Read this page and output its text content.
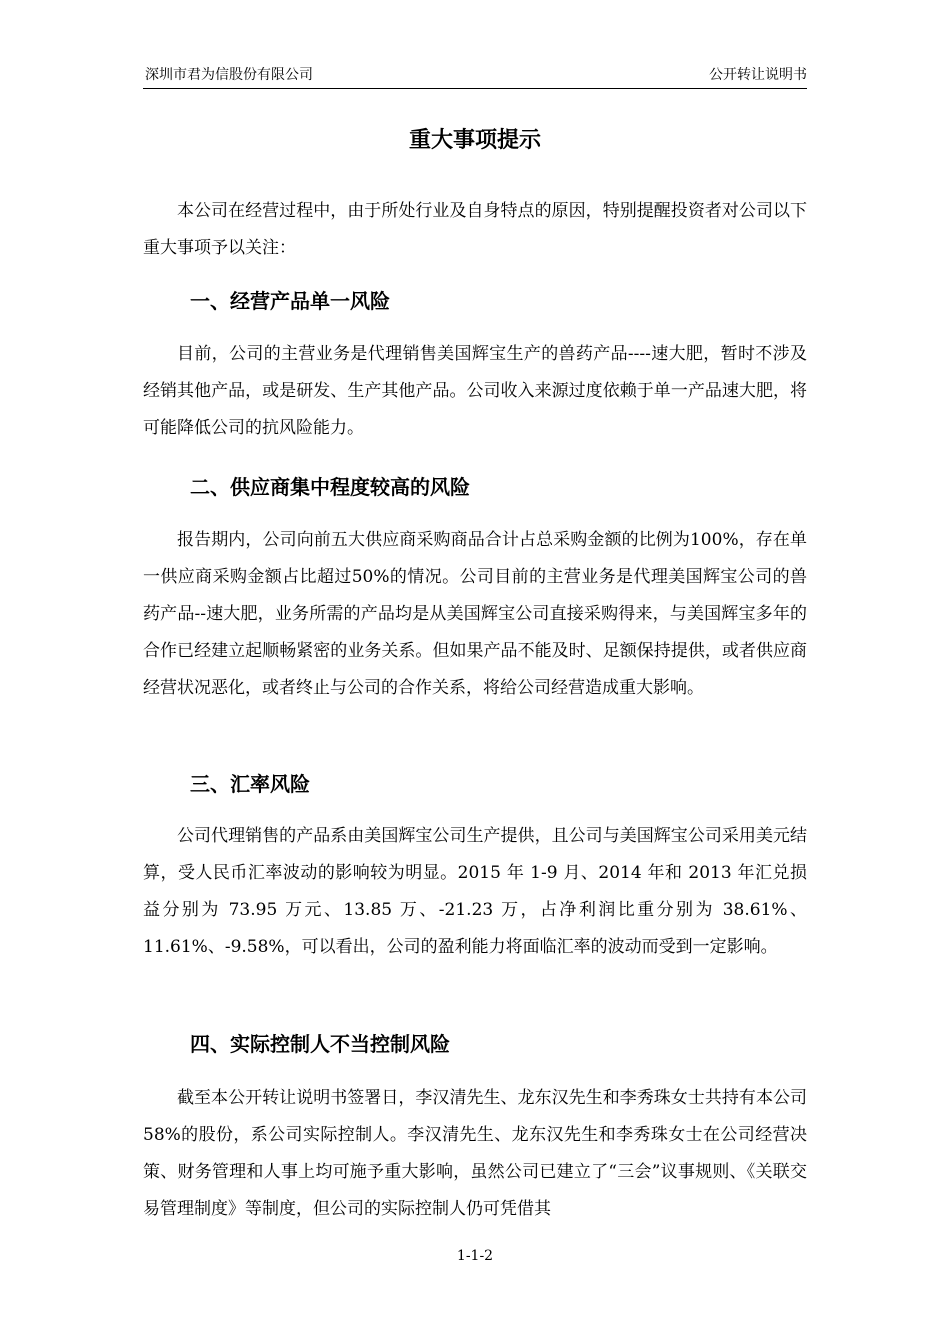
深圳市君为信股份有限公司	公开转让说明书
重大事项提示

本公司在经营过程中，由于所处行业及自身特点的原因，特别提醒投资者对公司以下重大事项予以关注：

一、经营产品单一风险

目前，公司的主营业务是代理销售美国辉宝生产的兽药产品----速大肥，暂时不涉及经销其他产品，或是研发、生产其他产品。公司收入来源过度依赖于单一产品速大肥，将可能降低公司的抗风险能力。

二、供应商集中程度较高的风险

报告期内，公司向前五大供应商采购商品合计占总采购金额的比例为100%，存在单一供应商采购金额占比超过50%的情况。公司目前的主营业务是代理美国辉宝公司的兽药产品--速大肥，业务所需的产品均是从美国辉宝公司直接采购得来，与美国辉宝多年的合作已经建立起顺畅紧密的业务关系。但如果产品不能及时、足额保持提供，或者供应商经营状况恶化，或者终止与公司的合作关系，将给公司经营造成重大影响。

三、汇率风险

公司代理销售的产品系由美国辉宝公司生产提供，且公司与美国辉宝公司采用美元结算，受人民币汇率波动的影响较为明显。2015 年 1-9 月、2014 年和 2013 年汇兑损益分别为 73.95 万元、13.85 万、-21.23 万，占净利润比重分别为 38.61%、11.61%、-9.58%，可以看出，公司的盈利能力将面临汇率的波动而受到一定影响。

四、实际控制人不当控制风险

截至本公开转让说明书签署日，李汉清先生、龙东汉先生和李秀珠女士共持有本公司 58%的股份，系公司实际控制人。李汉清先生、龙东汉先生和李秀珠女士在公司经营决策、财务管理和人事上均可施予重大影响，虽然公司已建立了“三会”议事规则、《关联交易管理制度》等制度，但公司的实际控制人仍可凭借其

1-1-2
